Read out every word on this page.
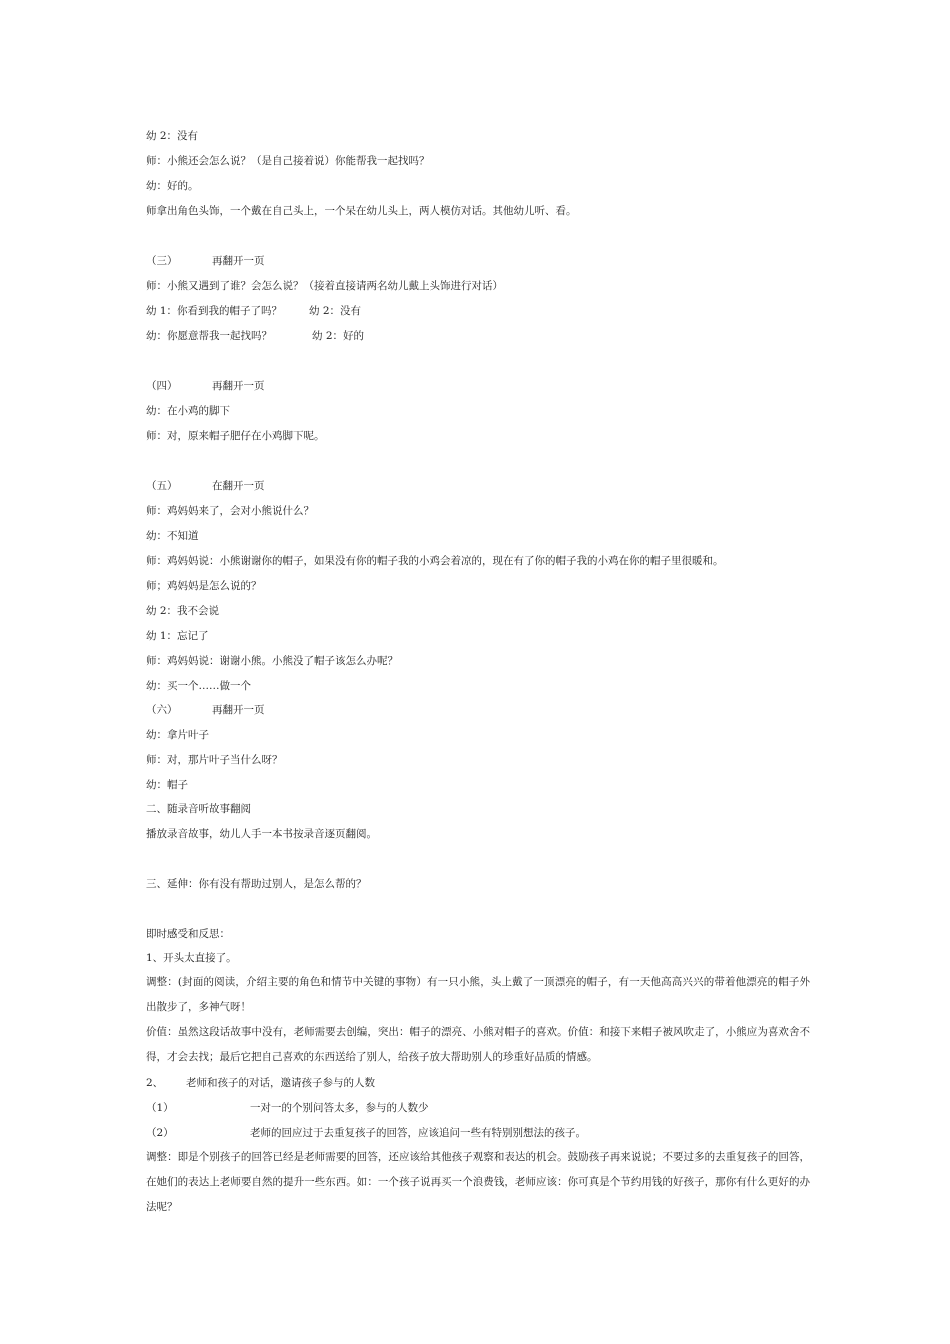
幼 2：没有
师：小熊还会怎么说？（是自己接着说）你能帮我一起找吗？
幼：好的。
师拿出角色头饰，一个戴在自己头上，一个呆在幼儿头上，两人模仿对话。其他幼儿听、看。
（三）	再翻开一页
师：小熊又遇到了谁？会怎么说？（接着直接请两名幼儿戴上头饰进行对话）
幼 1：你看到我的帽子了吗？	幼 2：没有
幼：你愿意帮我一起找吗？	幼 2：好的
（四）	再翻开一页
幼：在小鸡的脚下
师：对，原来帽子肥仔在小鸡脚下呢。
（五）	在翻开一页
师：鸡妈妈来了，会对小熊说什么？
幼：不知道
师：鸡妈妈说：小熊谢谢你的帽子，如果没有你的帽子我的小鸡会着凉的，现在有了你的帽子我的小鸡在你的帽子里很暖和。
师；鸡妈妈是怎么说的？
幼 2：我不会说
幼 1：忘记了
师：鸡妈妈说：谢谢小熊。小熊没了帽子该怎么办呢？
幼：买一个……做一个
（六）	再翻开一页
幼：拿片叶子
师：对，那片叶子当什么呀？
幼：帽子
二、随录音听故事翻阅
播放录音故事，幼儿人手一本书按录音逐页翻阅。
三、延伸：你有没有帮助过别人，是怎么帮的？
即时感受和反思：
1、开头太直接了。
调整：(封面的阅读，介绍主要的角色和情节中关键的事物）有一只小熊，头上戴了一顶漂亮的帽子，有一天他高高兴兴的带着他漂亮的帽子外出散步了，多神气呀！
价值：虽然这段话故事中没有，老师需要去创编，突出：帽子的漂亮、小熊对帽子的喜欢。价值：和接下来帽子被风吹走了，小熊应为喜欢舍不得，才会去找；最后它把自己喜欢的东西送给了别人，给孩子放大帮助别人的珍重好品质的情感。
2、 老师和孩子的对话，邀请孩子参与的人数
（1）	一对一的个别问答太多，参与的人数少
（2）	老师的回应过于去重复孩子的回答，应该追问一些有特别别想法的孩子。
调整：即是个别孩子的回答已经是老师需要的回答，还应该给其他孩子观察和表达的机会。鼓励孩子再来说说；不要过多的去重复孩子的回答，在她们的表达上老师要自然的提升一些东西。如：一个孩子说再买一个浪费钱，老师应该：你可真是个节约用钱的好孩子，那你有什么更好的办法呢？
